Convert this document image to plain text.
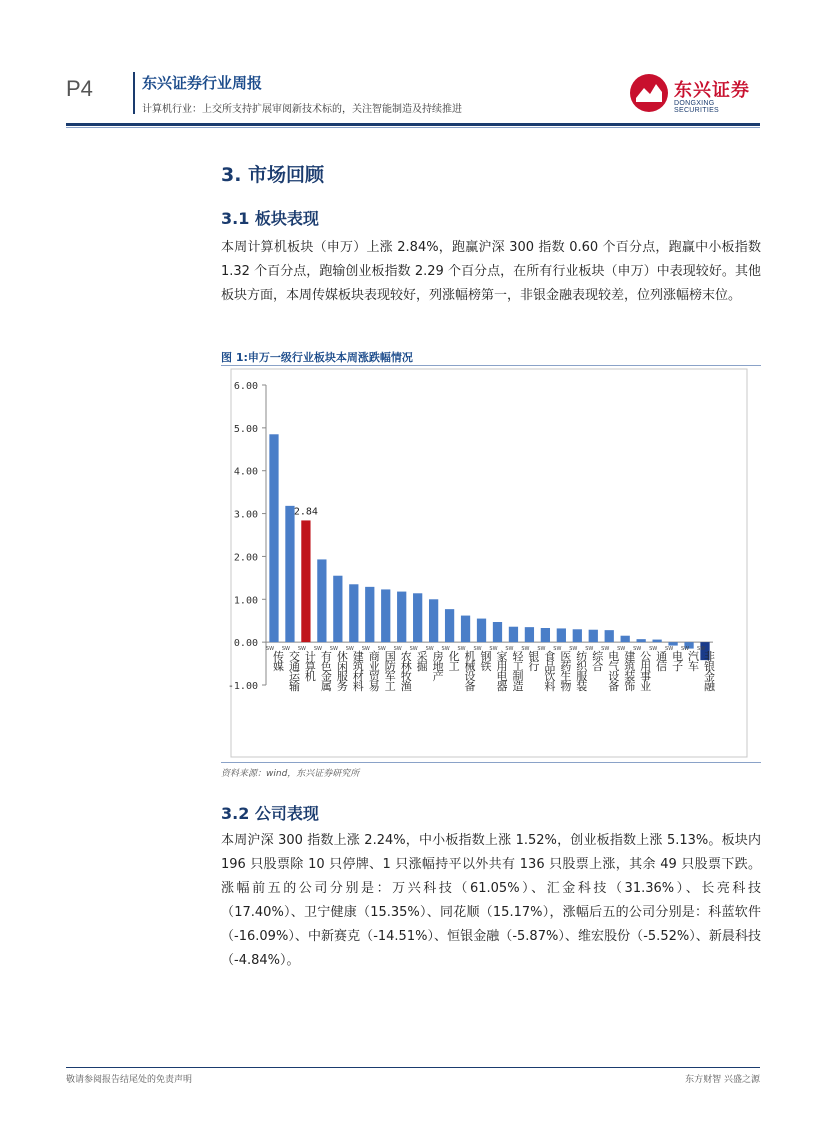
P4	东兴证券行业周报
计算机行业：上交所支持扩展审阅新技术标的，关注智能制造及持续推进
东兴证券
DONGXING SECURITIES
3. 市场回顾
3.1 板块表现
本周计算机板块（申万）上涨 2.84%，跑赢沪深 300 指数 0.60 个百分点，跑赢中小板指数 1.32 个百分点，跑输创业板指数 2.29 个百分点，在所有行业板块（申万）中表现较好。其他板块方面，本周传媒板块表现较好，列涨幅榜第一，非银金融表现较差，位列涨幅榜末位。
图 1:申万一级行业板块本周涨跌幅情况
6.00
5.00
4.00
3.00
2.00
1.00
0.00
-1.00
SW
传媒
SW
交通运输
SW
计算机
SW
有色金属
SW
休闲服务
SW
建筑材料
SW
商业贸易
SW
国防军工
SW
农林牧渔
SW
采掘
SW
房地产
SW
化工
SW
机械设备
SW
钢铁
SW
家用电器
SW
轻工制造
SW
银行
SW
食品饮料
SW
医药生物
SW
纺织服装
SW
综合
SW
电气设备
SW
建筑装饰
SW
公用事业
SW
通信
SW
电子
SW
汽车
SW
非银金融
2.84
资料来源：wind，东兴证券研究所
3.2 公司表现
本周沪深 300 指数上涨 2.24%，中小板指数上涨 1.52%，创业板指数上涨 5.13%。板块内 196 只股票除 10 只停牌、1 只涨幅持平以外共有 136 只股票上涨，其余 49 只股票下跌。涨幅前五的公司分别是：万兴科技（61.05%）、汇金科技（31.36%）、长亮科技（17.40%）、卫宁健康（15.35%）、同花顺（15.17%），涨幅后五的公司分别是：科蓝软件（-16.09%）、中新赛克（-14.51%）、恒银金融（-5.87%）、维宏股份（-5.52%）、新晨科技（-4.84%）。
敬请参阅报告结尾处的免责声明	东方财智 兴盛之源
